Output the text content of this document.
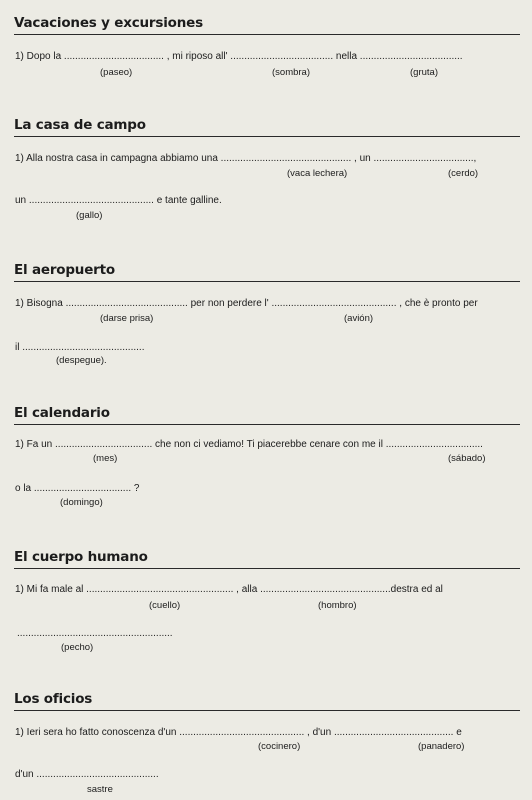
Vacaciones y excursiones
1) Dopo la .................................... , mi riposo all' ..................................... nella .....................................
(paseo)	(sombra)	(gruta)
La casa de campo
1) Alla nostra casa in campagna abbiamo una ............................................... , un ....................................,
(vaca lechera)	(cerdo)
un ............................................. e tante galline.
(gallo)
El aeropuerto
1) Bisogna ............................................ per non perdere l' ............................................. , che è pronto per
(darse prisa)	(avión)
il ............................................
(despegue).
El calendario
1) Fa un ................................... che non ci vediamo! Ti piacerebbe cenare con me il ...................................
(mes)	(sábado)
o la ................................... ?
(domingo)
El cuerpo humano
1) Mi fa male al ..................................................... , alla ...............................................destra ed al
(cuello)	(hombro)
........................................................
(pecho)
Los oficios
1) Ieri sera ho fatto conoscenza d'un ............................................. , d'un ........................................... e
(cocinero)	(panadero)
d'un ............................................
sastre
